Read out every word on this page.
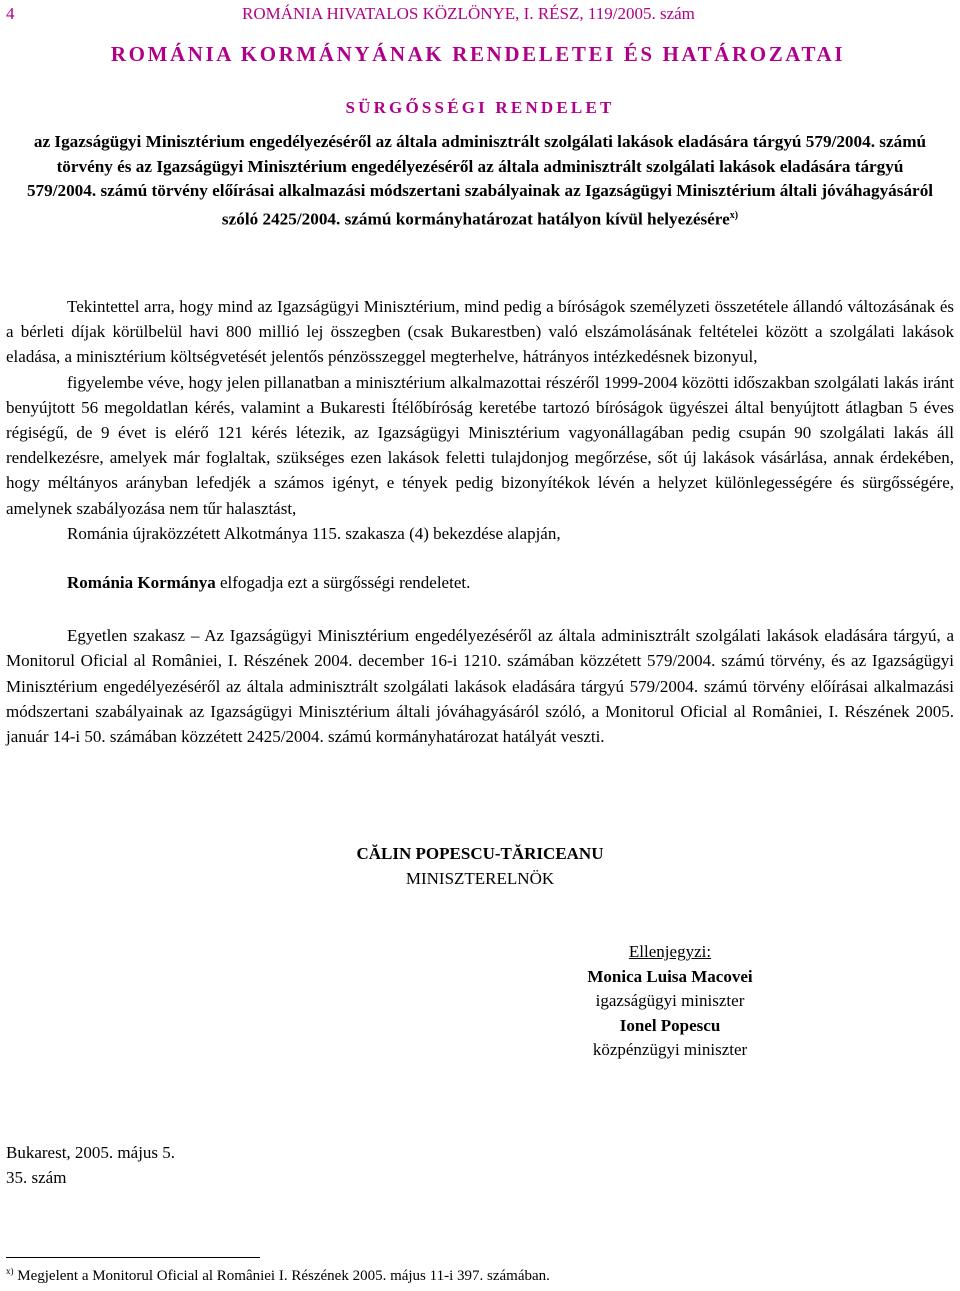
4	ROMÁNIA HIVATALOS KÖZLÖNYE, I. RÉSZ, 119/2005. szám
ROMÁNIA KORMÁNYÁNAK RENDELETEI ÉS HATÁROZATAI
SÜRGŐSSÉGI RENDELET
az Igazságügyi Minisztérium engedélyezéséről az általa adminisztrált szolgálati lakások eladására tárgyú 579/2004. számú törvény és az Igazságügyi Minisztérium engedélyezéséről az általa adminisztrált szolgálati lakások eladására tárgyú 579/2004. számú törvény előírásai alkalmazási módszertani szabályainak az Igazságügyi Minisztérium általi jóváhagyásáról szóló 2425/2004. számú kormányhatározat hatályon kívül helyezésére$^{x)}$

Tekintettel arra, hogy mind az Igazságügyi Minisztérium, mind pedig a bíróságok személyzeti összetétele állandó változásának és a bérleti díjak körülbelül havi 800 millió lej összegben (csak Bukarestben) való elszámolásának feltételei között a szolgálati lakások eladása, a minisztérium költségvetését jelentős pénzösszeggel megterhelve, hátrányos intézkedésnek bizonyul,

figyelembe véve, hogy jelen pillanatban a minisztérium alkalmazottai részéről 1999-2004 közötti időszakban szolgálati lakás iránt benyújtott 56 megoldatlan kérés, valamint a Bukaresti Ítélőbíróság keretébe tartozó bíróságok ügyészei által benyújtott átlagban 5 éves régiségű, de 9 évet is elérő 121 kérés létezik, az Igazságügyi Minisztérium vagyonállagában pedig csupán 90 szolgálati lakás áll rendelkezésre, amelyek már foglaltak, szükséges ezen lakások feletti tulajdonjog megőrzése, sőt új lakások vásárlása, annak érdekében, hogy méltányos arányban lefedjék a számos igényt, e tények pedig bizonyítékok lévén a helyzet különlegességére és sürgősségére, amelynek szabályozása nem tűr halasztást,

Románia újraközzétett Alkotmánya 115. szakasza (4) bekezdése alapján,

Románia Kormánya elfogadja ezt a sürgősségi rendeletet.

Egyetlen szakasz – Az Igazságügyi Minisztérium engedélyezéséről az általa adminisztrált szolgálati lakások eladására tárgyú, a Monitorul Oficial al României, I. Részének 2004. december 16-i 1210. számában közzétett 579/2004. számú törvény, és az Igazságügyi Minisztérium engedélyezéséről az általa adminisztrált szolgálati lakások eladására tárgyú 579/2004. számú törvény előírásai alkalmazási módszertani szabályainak az Igazságügyi Minisztérium általi jóváhagyásáról szóló, a Monitorul Oficial al României, I. Részének 2005. január 14-i 50. számában közzétett 2425/2004. számú kormányhatározat hatályát veszti.

CĂLIN POPESCU-TĂRICEANU
MINISZTERELNÖK
Ellenjegyzi:
Monica Luisa Macovei
igazságügyi miniszter
Ionel Popescu
közpénzügyi miniszter
Bukarest, 2005. május 5.
35. szám
$^{x)}$ Megjelent a Monitorul Oficial al României I. Részének 2005. május 11-i 397. számában.
